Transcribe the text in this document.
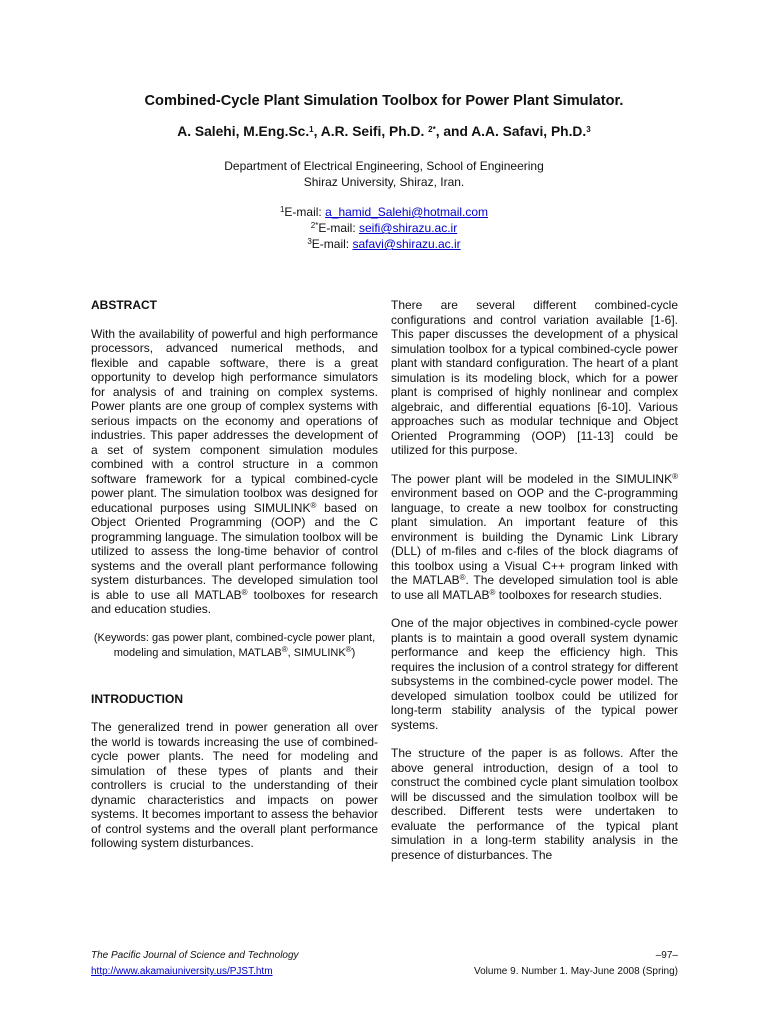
Combined-Cycle Plant Simulation Toolbox for Power Plant Simulator.
A. Salehi, M.Eng.Sc.$^1$, A.R. Seifi, Ph.D. $^{2*}$, and A.A. Safavi, Ph.D.$^3$
Department of Electrical Engineering, School of Engineering
Shiraz University, Shiraz, Iran.
$^1$E-mail: a_hamid_Salehi@hotmail.com
$^{2*}$E-mail: seifi@shirazu.ac.ir
$^3$E-mail: safavi@shirazu.ac.ir
ABSTRACT

With the availability of powerful and high performance processors, advanced numerical methods, and flexible and capable software, there is a great opportunity to develop high performance simulators for analysis of and training on complex systems. Power plants are one group of complex systems with serious impacts on the economy and operations of industries. This paper addresses the development of a set of system component simulation modules combined with a control structure in a common software framework for a typical combined-cycle power plant. The simulation toolbox was designed for educational purposes using SIMULINK® based on Object Oriented Programming (OOP) and the C programming language. The simulation toolbox will be utilized to assess the long-time behavior of control systems and the overall plant performance following system disturbances. The developed simulation tool is able to use all MATLAB® toolboxes for research and education studies.

(Keywords: gas power plant, combined-cycle power plant, modeling and simulation, MATLAB®, SIMULINK®)

INTRODUCTION

The generalized trend in power generation all over the world is towards increasing the use of combined-cycle power plants. The need for modeling and simulation of these types of plants and their controllers is crucial to the understanding of their dynamic characteristics and impacts on power systems. It becomes important to assess the behavior of control systems and the overall plant performance following system disturbances.

There are several different combined-cycle configurations and control variation available [1-6]. This paper discusses the development of a physical simulation toolbox for a typical combined-cycle power plant with standard configuration. The heart of a plant simulation is its modeling block, which for a power plant is comprised of highly nonlinear and complex algebraic, and differential equations [6-10]. Various approaches such as modular technique and Object Oriented Programming (OOP) [11-13] could be utilized for this purpose.

The power plant will be modeled in the SIMULINK® environment based on OOP and the C-programming language, to create a new toolbox for constructing plant simulation. An important feature of this environment is building the Dynamic Link Library (DLL) of m-files and c-files of the block diagrams of this toolbox using a Visual C++ program linked with the MATLAB®. The developed simulation tool is able to use all MATLAB® toolboxes for research studies.

One of the major objectives in combined-cycle power plants is to maintain a good overall system dynamic performance and keep the efficiency high. This requires the inclusion of a control strategy for different subsystems in the combined-cycle power model. The developed simulation toolbox could be utilized for long-term stability analysis of the typical power systems.

The structure of the paper is as follows. After the above general introduction, design of a tool to construct the combined cycle plant simulation toolbox will be discussed and the simulation toolbox will be described. Different tests were undertaken to evaluate the performance of the typical plant simulation in a long-term stability analysis in the presence of disturbances. The

The Pacific Journal of Science and Technology
http://www.akamaiuniversity.us/PJST.htm
–97–
Volume 9. Number 1. May-June 2008 (Spring)
